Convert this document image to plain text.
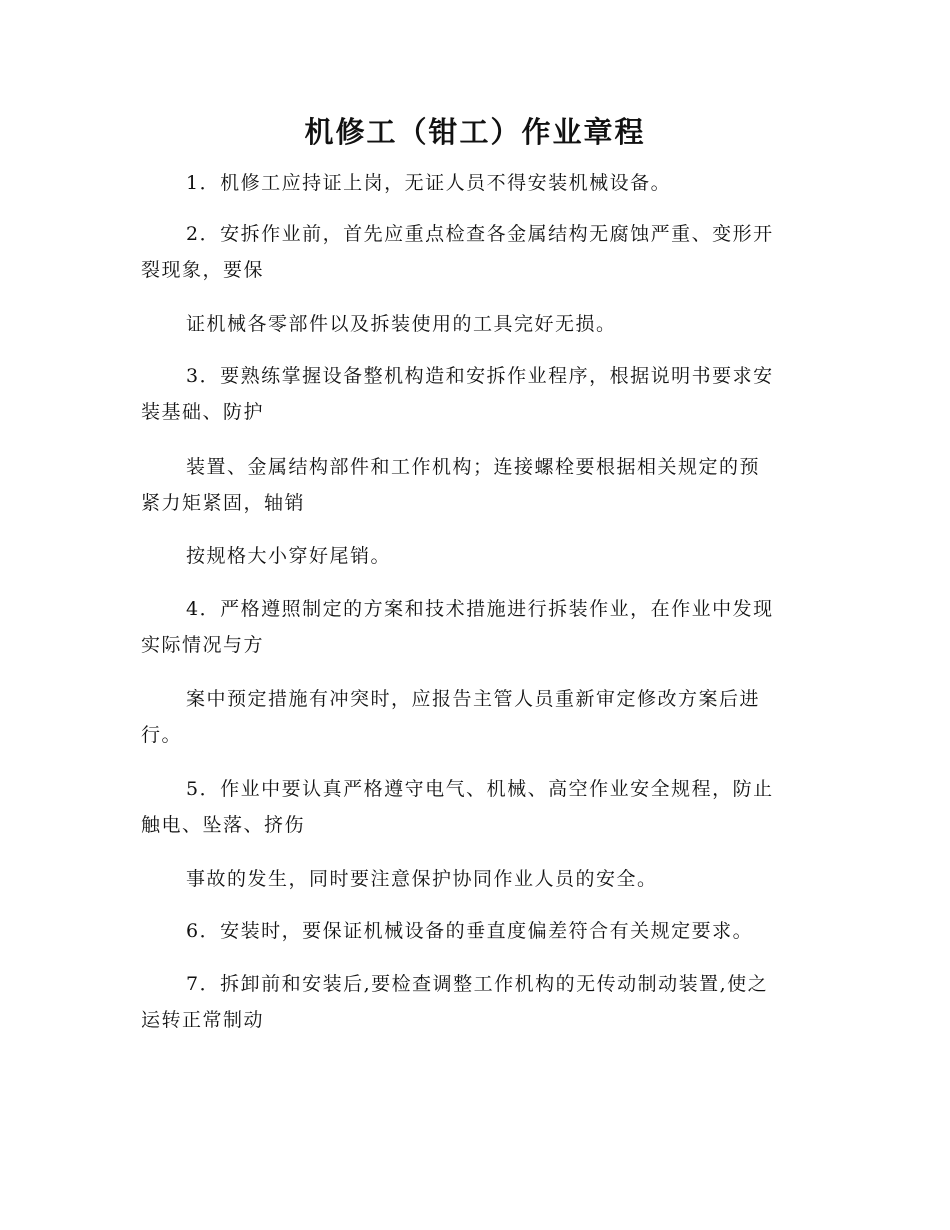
机修工（钳工）作业章程

1．机修工应持证上岗，无证人员不得安装机械设备。

2．安拆作业前，首先应重点检查各金属结构无腐蚀严重、变形开
裂现象，要保

证机械各零部件以及拆装使用的工具完好无损。

3．要熟练掌握设备整机构造和安拆作业程序，根据说明书要求安
装基础、防护

装置、金属结构部件和工作机构；连接螺栓要根据相关规定的预
紧力矩紧固，轴销

按规格大小穿好尾销。

4．严格遵照制定的方案和技术措施进行拆装作业，在作业中发现
实际情况与方

案中预定措施有冲突时，应报告主管人员重新审定修改方案后进
行。

5．作业中要认真严格遵守电气、机械、高空作业安全规程，防止
触电、坠落、挤伤

事故的发生，同时要注意保护协同作业人员的安全。

6．安装时，要保证机械设备的垂直度偏差符合有关规定要求。

7．拆卸前和安装后,要检查调整工作机构的无传动制动装置,使之
运转正常制动
